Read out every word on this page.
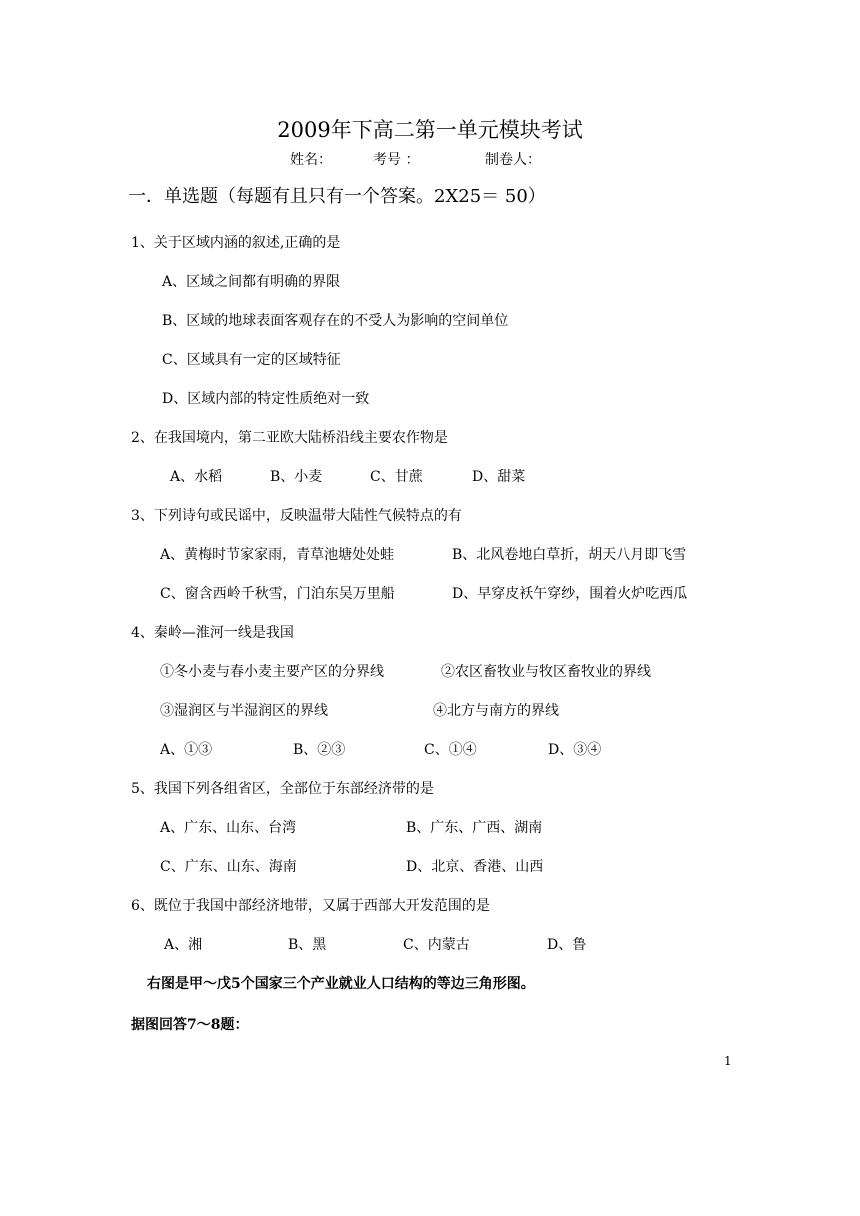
2009年下高二第一单元模块考试
姓名：	考号 ：	制卷人：
一．单选题（每题有且只有一个答案。2X25＝ 50）
1、关于区域内涵的叙述,正确的是
A、区域之间都有明确的界限
B、区域的地球表面客观存在的不受人为影响的空间单位
C、区域具有一定的区域特征
D、区域内部的特定性质绝对一致
2、在我国境内，第二亚欧大陆桥沿线主要农作物是
A、水稻	B、小麦	C、甘蔗	D、甜菜
3、下列诗句或民谣中，反映温带大陆性气候特点的有
A、黄梅时节家家雨，青草池塘处处蛙	B、北风卷地白草折，胡天八月即飞雪
C、窗含西岭千秋雪，门泊东吴万里船	D、早穿皮袄午穿纱，围着火炉吃西瓜
4、秦岭—淮河一线是我国
①冬小麦与春小麦主要产区的分界线	②农区畜牧业与牧区畜牧业的界线
③湿润区与半湿润区的界线	④北方与南方的界线
A、①③	B、②③	C、①④	D、③④
5、我国下列各组省区，全部位于东部经济带的是
A、广东、山东、台湾	B、广东、广西、湖南
C、广东、山东、海南	D、北京、香港、山西
6、既位于我国中部经济地带，又属于西部大开发范围的是
A、湘	B、黑	C、内蒙古	D、鲁
右图是甲～戊5个国家三个产业就业人口结构的等边三角形图。
据图回答7～8题：
1
